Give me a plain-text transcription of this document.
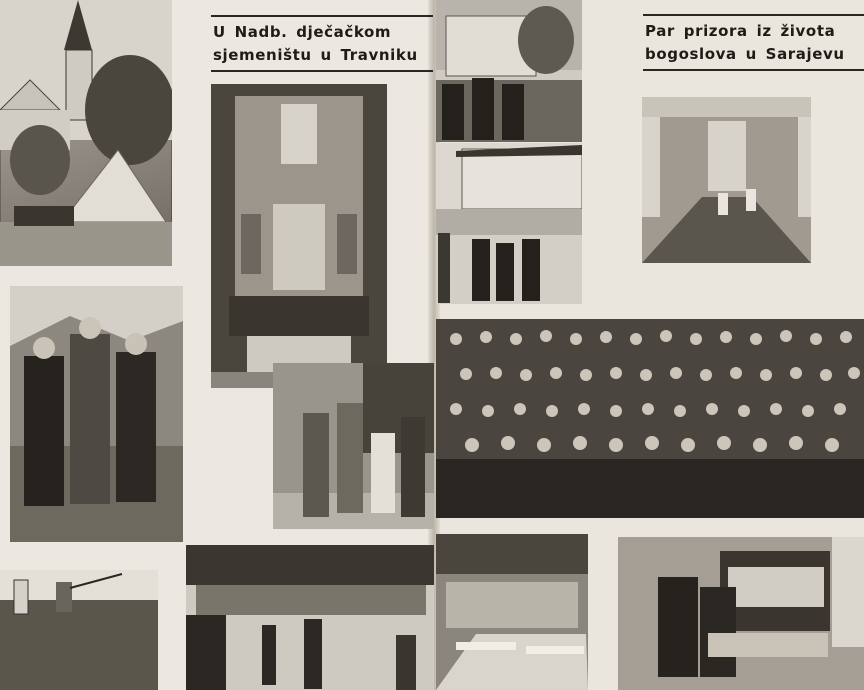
U Nadb. dječačkom
sjemeništu u Travniku
Par prizora iz života
bogoslova u Sarajevu
